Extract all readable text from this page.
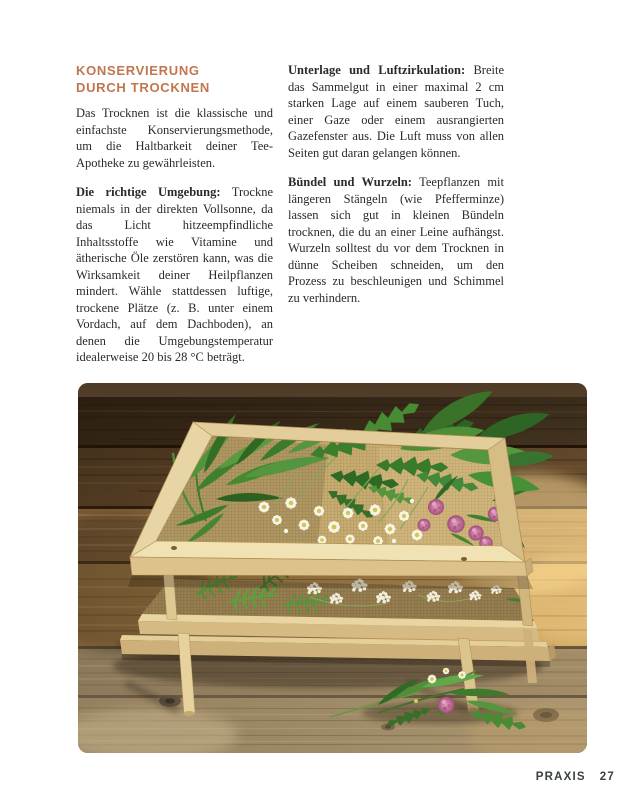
KONSERVIERUNG
DURCH TROCKNEN

Das Trocknen ist die klassische und einfachste Konservierungsmethode, um die Haltbarkeit deiner Tee-Apotheke zu gewährleisten.

Die richtige Umgebung: Trockne niemals in der direkten Vollsonne, da das Licht hitzeempfindliche Inhaltsstoffe wie Vitamine und ätherische Öle zerstören kann, was die Wirksamkeit deiner Heilpflanzen mindert. Wähle stattdessen luftige, trockene Plätze (z. B. unter einem Vordach, auf dem Dachboden), an denen die Umgebungstemperatur idealerweise 20 bis 28 °C beträgt.

Unterlage und Luftzirkulation: Breite das Sammelgut in einer maximal 2 cm starken Lage auf einem sauberen Tuch, einer Gaze oder einem ausrangierten Gazefenster aus. Die Luft muss von allen Seiten gut daran gelangen können.

Bündel und Wurzeln: Teepflanzen mit längeren Stängeln (wie Pfefferminze) lassen sich gut in kleinen Bündeln trocknen, die du an einer Leine aufhängst. Wurzeln solltest du vor dem Trocknen in dünne Scheiben schneiden, um den Prozess zu beschleunigen und Schimmel zu verhindern.

PRAXIS 27
